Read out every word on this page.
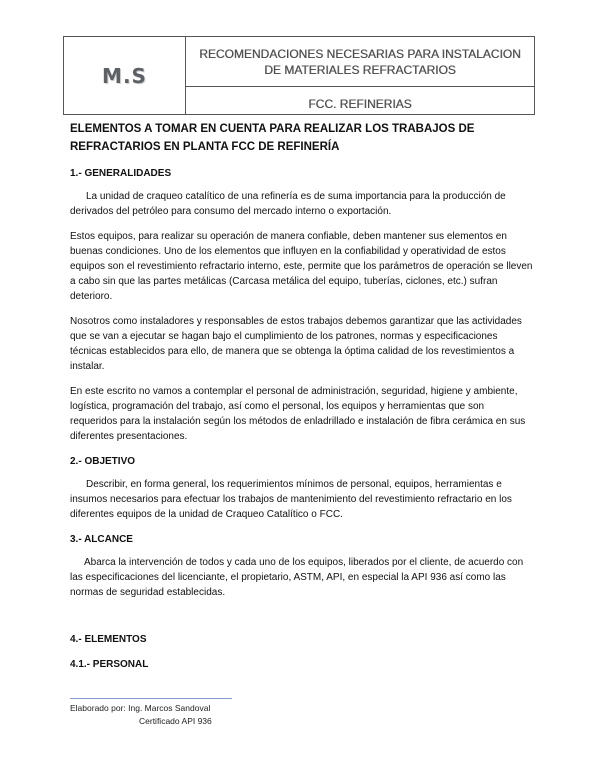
M.S
RECOMENDACIONES NECESARIAS PARA INSTALACION DE MATERIALES REFRACTARIOS
FCC. REFINERIAS
ELEMENTOS A TOMAR EN CUENTA PARA REALIZAR LOS TRABAJOS DE REFRACTARIOS EN PLANTA FCC DE REFINERÍA
1.- GENERALIDADES
La unidad de craqueo catalítico de una refinería es de suma importancia para la producción de derivados del petróleo para consumo del mercado interno o exportación.
Estos equipos, para realizar su operación de manera confiable, deben mantener sus elementos en buenas condiciones. Uno de los elementos que influyen en la confiabilidad y operatividad de estos equipos son el revestimiento refractario interno, este, permite que los parámetros de operación se lleven a cabo sin que las partes metálicas (Carcasa metálica del equipo, tuberías, ciclones, etc.) sufran deterioro.
Nosotros como instaladores y responsables de estos trabajos debemos garantizar que las actividades que se van a ejecutar se hagan bajo el cumplimiento de los patrones, normas y especificaciones técnicas establecidos para ello, de manera que se obtenga la óptima calidad de los revestimientos a instalar.
En este escrito no vamos a contemplar el personal de administración, seguridad, higiene y ambiente, logística, programación del trabajo, así como el personal, los equipos y herramientas que son requeridos para la instalación según los métodos de enladrillado e instalación de fibra cerámica en sus diferentes presentaciones.
2.- OBJETIVO
Describir, en forma general, los requerimientos mínimos de personal, equipos, herramientas e insumos necesarios para efectuar los trabajos de mantenimiento del revestimiento refractario en los diferentes equipos de la unidad de Craqueo Catalítico o FCC.
3.- ALCANCE
Abarca la intervención de todos y cada uno de los equipos, liberados por el cliente, de acuerdo con las especificaciones del licenciante, el propietario, ASTM, API, en especial la API 936 así como las normas de seguridad establecidas.
4.- ELEMENTOS
4.1.- PERSONAL
Elaborado por: Ing. Marcos Sandoval
Certificado API 936
